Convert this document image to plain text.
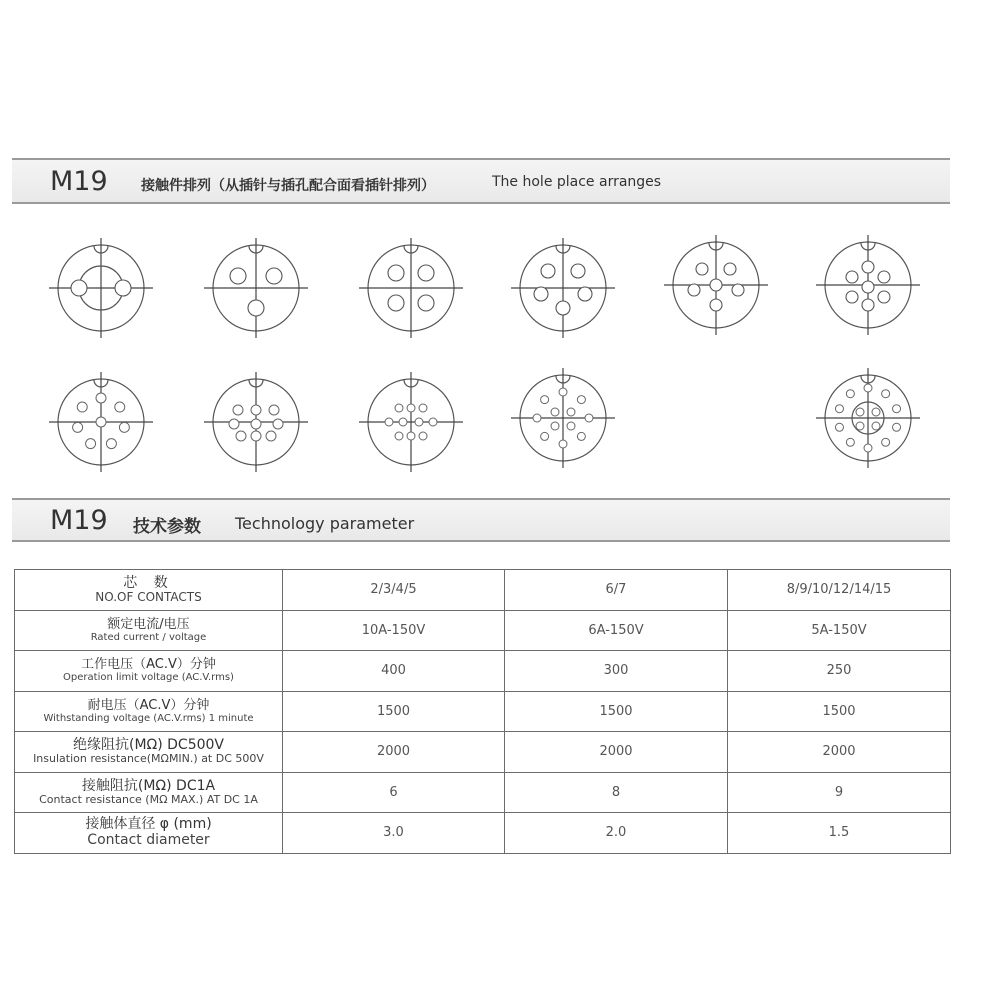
M19 接触件排列（从插针与插孔配合面看插针排列）	The hole place arranges
M19 技术参数 Technology parameter
芯 数
NO.OF CONTACTS	2/3/4/5	6/7	8/9/10/12/14/15

额定电流/电压
Rated current / voltage	10A-150V	6A-150V	5A-150V

工作电压（AC.V）分钟
Operation limit voltage (AC.V.rms)	400	300	250

耐电压（AC.V）分钟
Withstanding voltage (AC.V.rms) 1 minute	1500	1500	1500

绝缘阻抗(MΩ) DC500V
Insulation resistance(MΩMIN.) at DC 500V	2000	2000	2000

接触阻抗(MΩ) DC1A
Contact resistance (MΩ MAX.) AT DC 1A	6	8	9

接触体直径 φ (mm)
Contact diameter	3.0	2.0	1.5
